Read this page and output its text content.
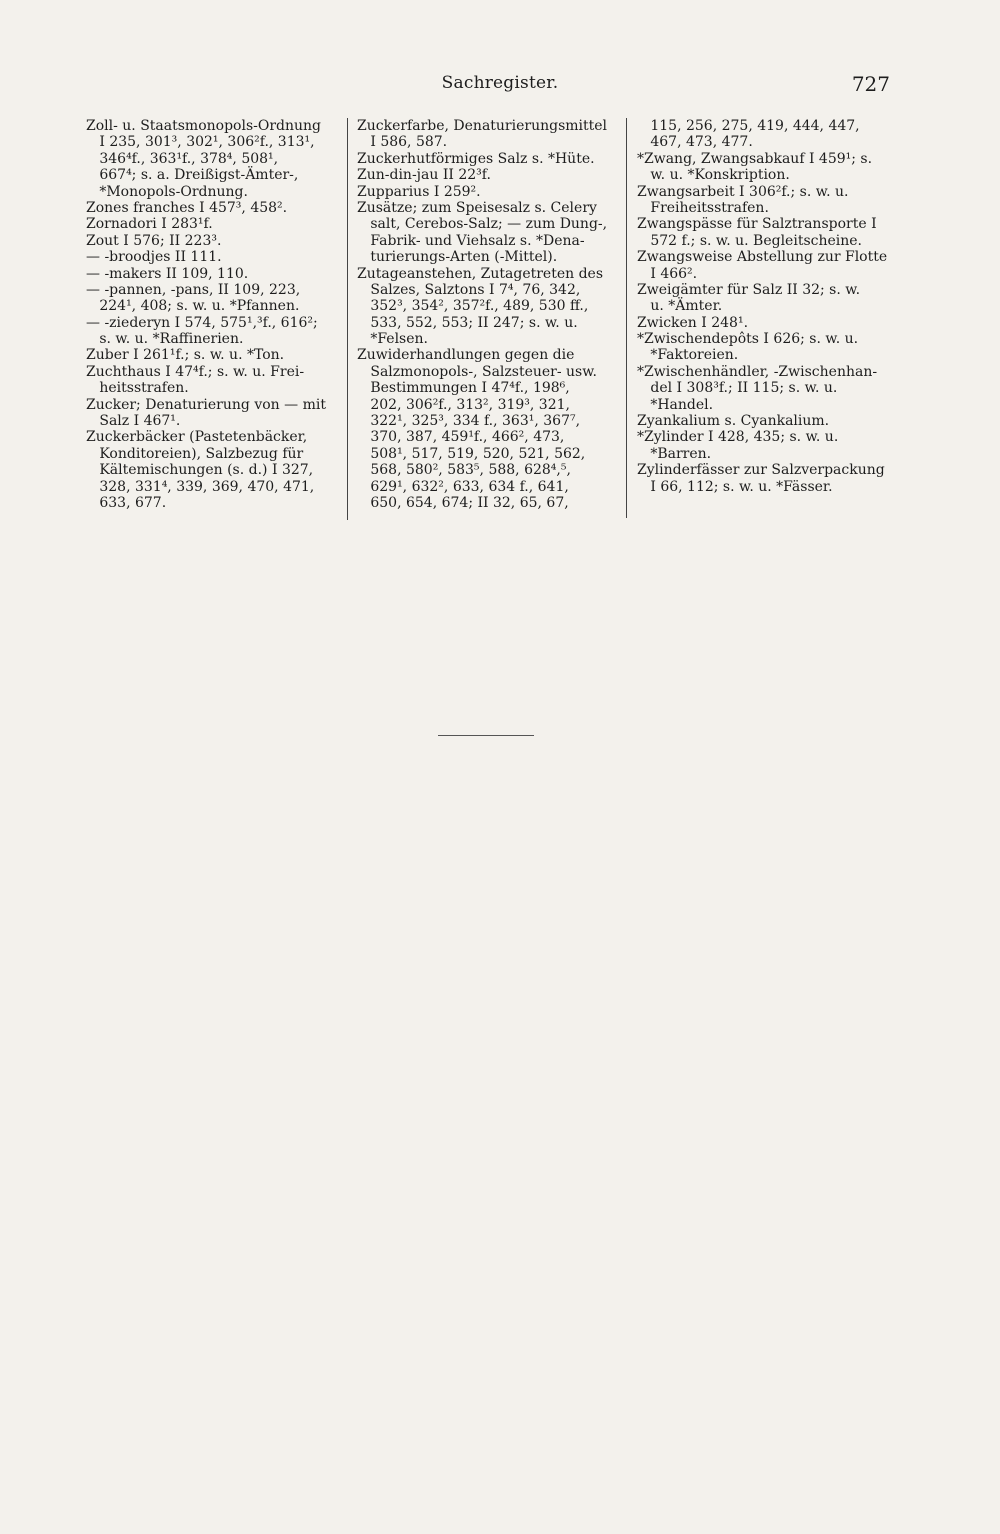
Sachregister.	727
Zoll- u. Staatsmonopols-Ordnung
I 235, 301³, 302¹, 306²f., 313¹,
346⁴f., 363¹f., 378⁴, 508¹,
667⁴; s. a. Dreißigst-Ämter-,
*Monopols-Ordnung.
Zones franches I 457³, 458².
Zornadori I 283¹f.
Zout I 576; II 223³.
— -broodjes II 111.
— -makers II 109, 110.
— -pannen, -pans, II 109, 223,
224¹, 408; s. w. u. *Pfannen.
— -ziederyn I 574, 575¹,³f., 616²;
s. w. u. *Raffinerien.
Zuber I 261¹f.; s. w. u. *Ton.
Zuchthaus I 47⁴f.; s. w. u. Frei-
heitsstrafen.
Zucker; Denaturierung von — mit
Salz I 467¹.
Zuckerbäcker (Pastetenbäcker,
Konditoreien), Salzbezug für
Kältemischungen (s. d.) I 327,
328, 331⁴, 339, 369, 470, 471,
633, 677.
Zuckerfarbe, Denaturierungsmittel
I 586, 587.
Zuckerhutförmiges Salz s. *Hüte.
Zun-din-jau II 22³f.
Zupparius I 259².
Zusätze; zum Speisesalz s. Celery
salt, Cerebos-Salz; — zum Dung-,
Fabrik- und Viehsalz s. *Dena-
turierungs-Arten (-Mittel).
Zutageanstehen, Zutagetreten des
Salzes, Salztons I 7⁴, 76, 342,
352³, 354², 357²f., 489, 530 ff.,
533, 552, 553; II 247; s. w. u.
*Felsen.
Zuwiderhandlungen gegen die
Salzmonopols-, Salzsteuer- usw.
Bestimmungen I 47⁴f., 198⁶,
202, 306²f., 313², 319³, 321,
322¹, 325³, 334 f., 363¹, 367⁷,
370, 387, 459¹f., 466², 473,
508¹, 517, 519, 520, 521, 562,
568, 580², 583⁵, 588, 628⁴,⁵,
629¹, 632², 633, 634 f., 641,
650, 654, 674; II 32, 65, 67,
115, 256, 275, 419, 444, 447,
467, 473, 477.
*Zwang, Zwangsabkauf I 459¹; s.
w. u. *Konskription.
Zwangsarbeit I 306²f.; s. w. u.
Freiheitsstrafen.
Zwangspässe für Salztransporte I
572 f.; s. w. u. Begleitscheine.
Zwangsweise Abstellung zur Flotte
I 466².
Zweigämter für Salz II 32; s. w.
u. *Ämter.
Zwicken I 248¹.
*Zwischendepôts I 626; s. w. u.
*Faktoreien.
*Zwischenhändler, -Zwischenhan-
del I 308³f.; II 115; s. w. u.
*Handel.
Zyankalium s. Cyankalium.
*Zylinder I 428, 435; s. w. u.
*Barren.
Zylinderfässer zur Salzverpackung
I 66, 112; s. w. u. *Fässer.
